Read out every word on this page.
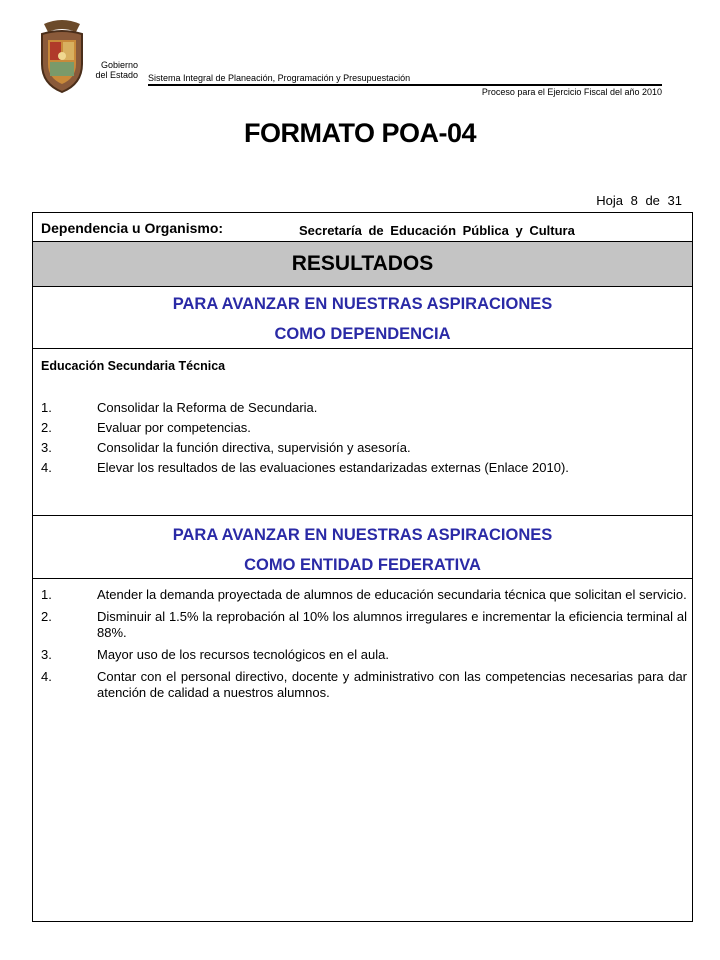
Gobierno
del Estado Sistema Integral de Planeación, Programación y Presupuestación
Proceso para el Ejercicio Fiscal del año 2010
FORMATO POA-04
Hoja 8 de 31
Dependencia u Organismo:	Secretaría de Educación Pública y Cultura
RESULTADOS
PARA AVANZAR EN NUESTRAS ASPIRACIONES
COMO DEPENDENCIA
Educación Secundaria Técnica
1.	Consolidar la Reforma de Secundaria.
2.	Evaluar por competencias.
3.	Consolidar la función directiva, supervisión y asesoría.
4.	Elevar los resultados de las evaluaciones estandarizadas externas (Enlace 2010).
PARA AVANZAR EN NUESTRAS ASPIRACIONES
COMO ENTIDAD FEDERATIVA
1.	Atender la demanda proyectada de alumnos de educación secundaria técnica que solicitan el servicio.
2.	Disminuir al 1.5% la reprobación al 10% los alumnos irregulares e incrementar la eficiencia terminal al 88%.
3.	Mayor uso de los recursos tecnológicos en el aula.
4.	Contar con el personal directivo, docente y administrativo con las competencias necesarias para dar atención de calidad a nuestros alumnos.
